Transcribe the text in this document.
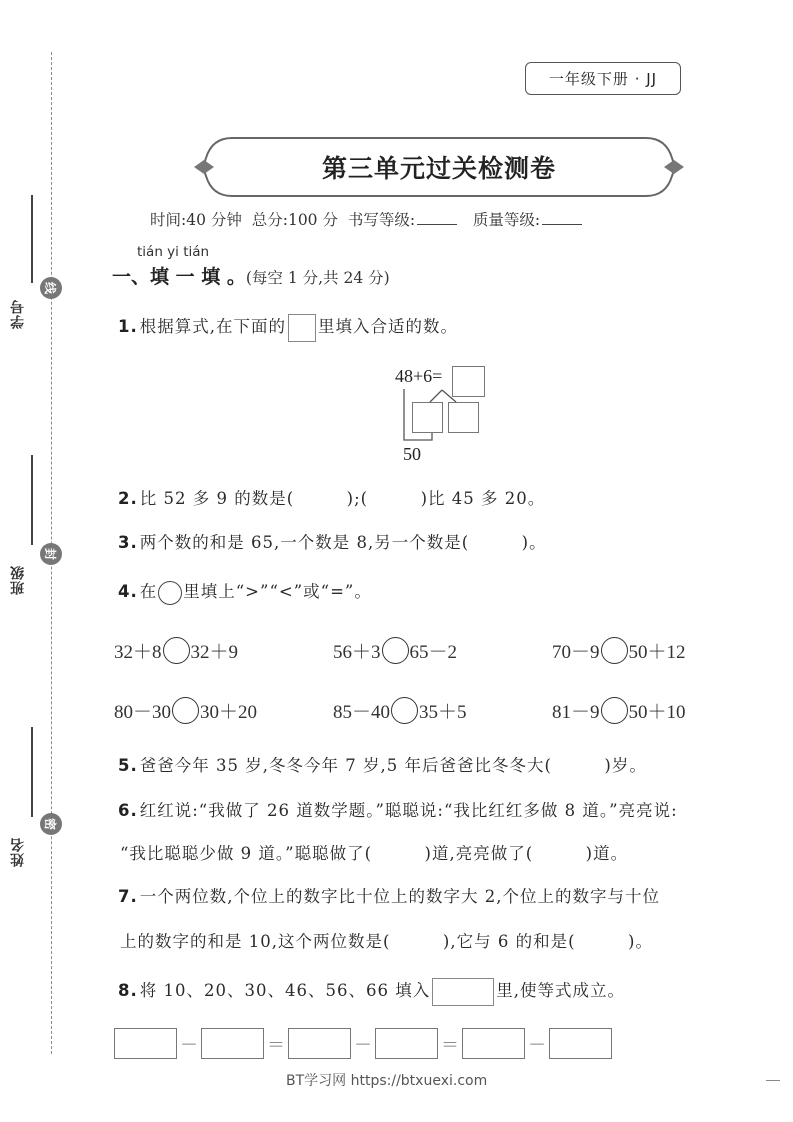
线
学号
封
班级
密
姓名
一年级下册 · JJ
第三单元过关检测卷
时间:40 分钟 总分:100 分 书写等级:	质量等级:
tián yi tián
一、填 一 填 。(每空 1 分,共 24 分)
1. 根据算式,在下面的 里填入合适的数。
48+6=
50
2. 比 52 多 9 的数是(　　　);(　　　)比 45 多 20。
3. 两个数的和是 65,一个数是 8,另一个数是(　　　)。
4. 在 里填上“>”“<”或“=”。
32＋8 32＋9	56＋3 65－2	70－9 50＋12
80－30 30＋20	85－40 35＋5	81－9 50＋10
5. 爸爸今年 35 岁,冬冬今年 7 岁,5 年后爸爸比冬冬大(　　　)岁。
6. 红红说:“我做了 26 道数学题。”聪聪说:“我比红红多做 8 道。”亮亮说:
“我比聪聪少做 9 道。”聪聪做了(　　　)道,亮亮做了(　　　)道。
7. 一个两位数,个位上的数字比十位上的数字大 2,个位上的数字与十位
上的数字的和是 10,这个两位数是(　　　),它与 6 的和是(　　　)。
8. 将 10、20、30、46、56、66 填入	里,使等式成立。
－	＝	－	＝	－
BT学习网 https://btxuexi.com
